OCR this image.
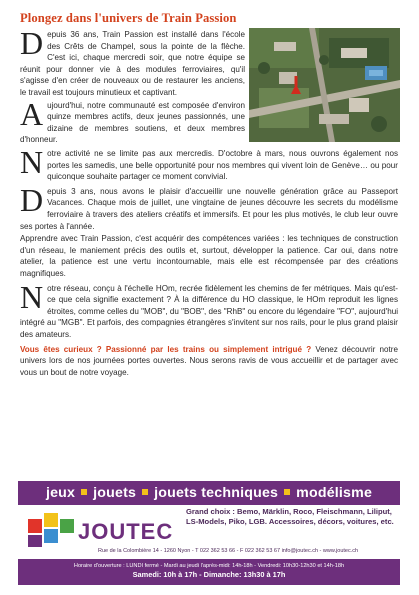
Plongez dans l'univers de Train Passion

Depuis 36 ans, Train Passion est installé dans l'école des Crêts de Champel, sous la pointe de la flèche. C'est ici, chaque mercredi soir, que notre équipe se réunit pour donner vie à des modules ferroviaires, qu'il s'agisse d'en créer de nouveaux ou de restaurer les anciens, le travail est toujours minutieux et captivant.

Aujourd'hui, notre communauté est composée d'environ quinze membres actifs, deux jeunes passionnés, une dizaine de membres soutiens, et deux membres d'honneur.

Notre activité ne se limite pas aux mercredis. D'octobre à mars, nous ouvrons également nos portes les samedis, une belle opportunité pour nos membres qui vivent loin de Genève… ou pour quiconque souhaite partager ce moment convivial.

Depuis 3 ans, nous avons le plaisir d'accueillir une nouvelle génération grâce au Passeport Vacances. Chaque mois de juillet, une vingtaine de jeunes découvre les secrets du modélisme ferroviaire à travers des ateliers créatifs et immersifs. Et pour les plus motivés, le club leur ouvre ses portes à l'année.

Apprendre avec Train Passion, c'est acquérir des compétences variées : les techniques de construction d'un réseau, le maniement précis des outils et, surtout, développer la patience. Car oui, dans notre atelier, la patience est une vertu incontournable, mais elle est récompensée par des créations magnifiques.

Notre réseau, conçu à l'échelle HOm, recrée fidèlement les chemins de fer métriques. Mais qu'est-ce que cela signifie exactement ? À la différence du HO classique, le HOm reproduit les lignes étroites, comme celles du "MOB", du "BOB", des "RhB" ou encore du légendaire "FO", aujourd'hui intégré au "MGB". Et parfois, des compagnies étrangères s'invitent sur nos rails, pour le plus grand plaisir des amateurs.

Vous êtes curieux ? Passionné par les trains ou simplement intrigué ? Venez découvrir notre univers lors de nos journées portes ouvertes. Nous serons ravis de vous accueillir et de partager avec vous un bout de notre voyage.

jeux jouets jouets techniques modélisme
JOUTEC
Grand choix : Bemo, Märklin, Roco, Fleischmann, Liliput, LS-Models, Piko, LGB. Accessoires, décors, voitures, etc.
Rue de la Colombière 14 - 1260 Nyon - T 022 362 53 66 - F 022 362 53 67 info@joutec.ch - www.joutec.ch
Horaire d'ouverture : LUNDI fermé - Mardi au jeudi l'après-midi: 14h-18h - Vendredi: 10h30-12h30 et 14h-18h
Samedi: 10h à 17h - Dimanche: 13h30 à 17h
